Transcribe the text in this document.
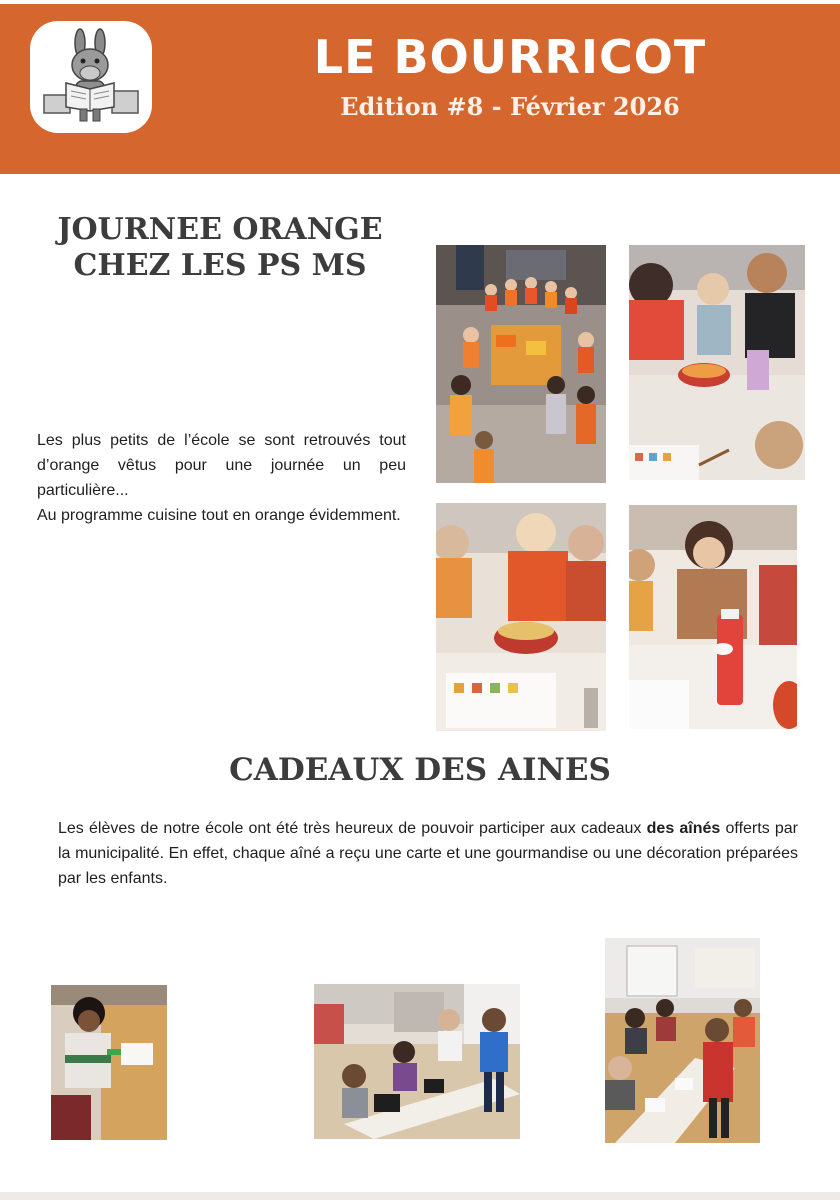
LE BOURRICOT
Edition #8 - Février 2026
JOURNEE ORANGE
CHEZ LES PS MS

Les plus petits de l’école se sont retrouvés tout d’orange vêtus pour une journée un peu particulière...

Au programme cuisine tout en orange évidemment.

CADEAUX DES AINES
Les élèves de notre école ont été très heureux de pouvoir participer aux cadeaux des aînés offerts par la municipalité. En effet, chaque aîné a reçu une carte et une gourmandise ou une décoration préparées par les enfants.
